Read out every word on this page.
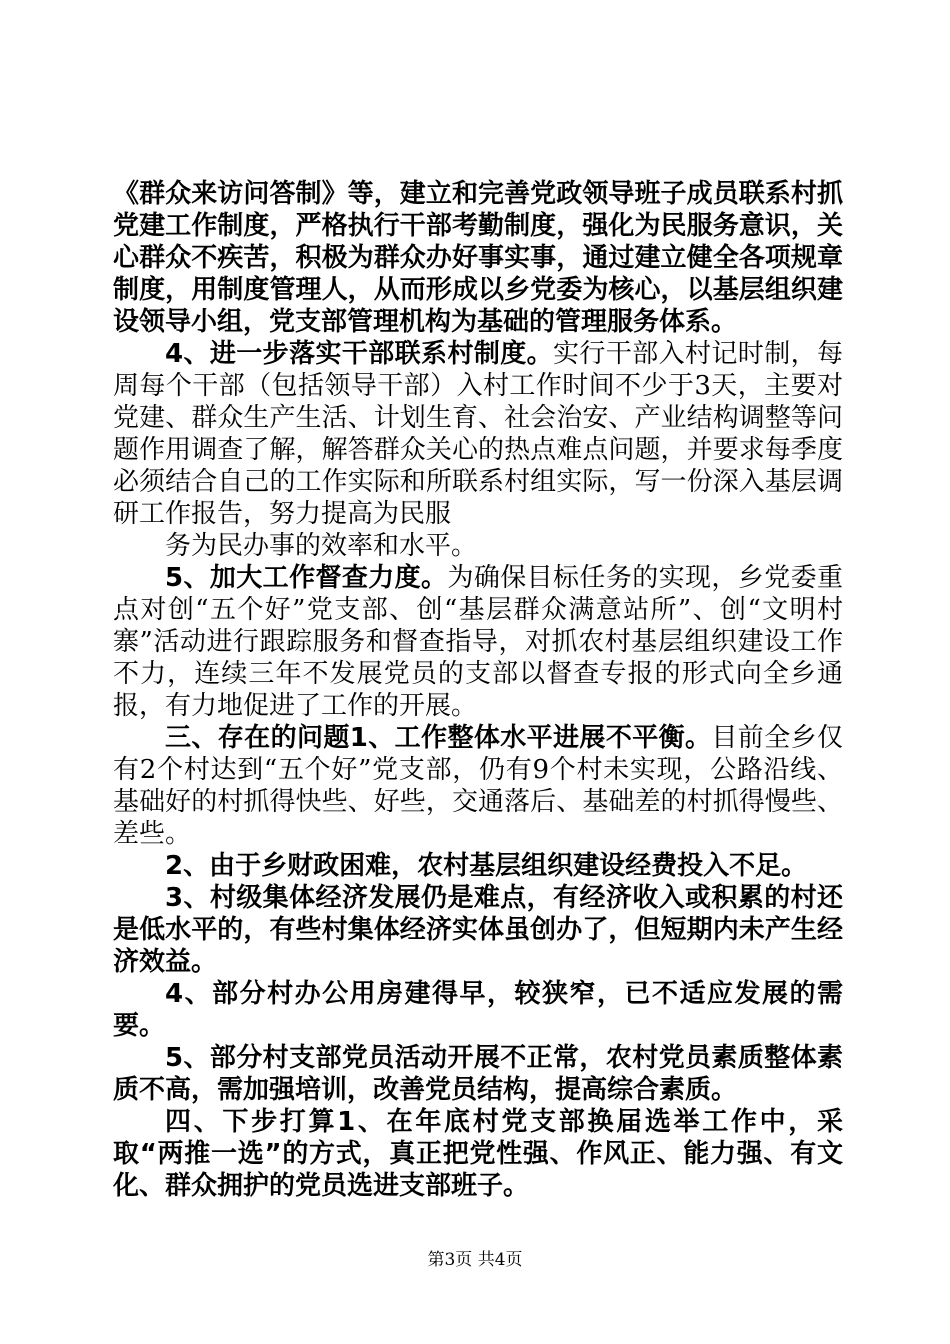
《群众来访问答制》等，建立和完善党政领导班子成员联系村抓党建工作制度，严格执行干部考勤制度，强化为民服务意识，关心群众不疾苦，积极为群众办好事实事，通过建立健全各项规章制度，用制度管理人，从而形成以乡党委为核心，以基层组织建设领导小组，党支部管理机构为基础的管理服务体系。

4、进一步落实干部联系村制度。实行干部入村记时制，每周每个干部（包括领导干部）入村工作时间不少于3天，主要对党建、群众生产生活、计划生育、社会治安、产业结构调整等问题作用调查了解，解答群众关心的热点难点问题，并要求每季度必须结合自己的工作实际和所联系村组实际，写一份深入基层调研工作报告，努力提高为民服

务为民办事的效率和水平。

5、加大工作督查力度。为确保目标任务的实现，乡党委重点对创“五个好”党支部、创“基层群众满意站所”、创“文明村寨”活动进行跟踪服务和督查指导，对抓农村基层组织建设工作不力，连续三年不发展党员的支部以督查专报的形式向全乡通报，有力地促进了工作的开展。

三、存在的问题1、工作整体水平进展不平衡。目前全乡仅有2个村达到“五个好”党支部，仍有9个村未实现，公路沿线、基础好的村抓得快些、好些，交通落后、基础差的村抓得慢些、差些。

2、由于乡财政困难，农村基层组织建设经费投入不足。

3、村级集体经济发展仍是难点，有经济收入或积累的村还是低水平的，有些村集体经济实体虽创办了，但短期内未产生经济效益。

4、部分村办公用房建得早，较狭窄，已不适应发展的需要。

5、部分村支部党员活动开展不正常，农村党员素质整体素质不高，需加强培训，改善党员结构，提高综合素质。

四、下步打算1、在年底村党支部换届选举工作中，采取“两推一选”的方式，真正把党性强、作风正、能力强、有文化、群众拥护的党员选进支部班子。

第3页 共4页
